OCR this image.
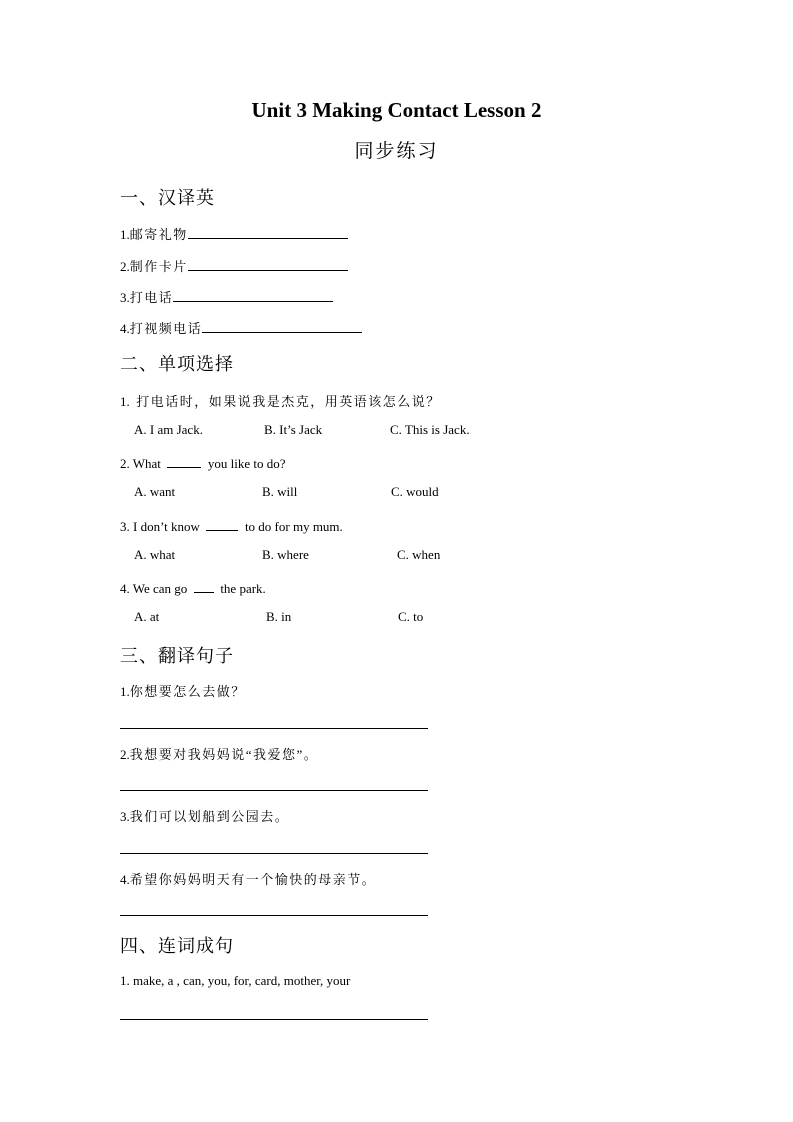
Unit 3 Making Contact Lesson 2
同步练习
一、汉译英
1.邮寄礼物
2.制作卡片
3.打电话
4.打视频电话
二、单项选择
1. 打电话时，如果说我是杰克，用英语该怎么说？
A. I am Jack.	B. It’s Jack	C. This is Jack.
2. What	you like to do?
A. want	B. will	C. would
3. I don’t know	to do for my mum.
A. what	B. where	C. when
4. We can go	the park.
A. at	B. in	C. to
三、翻译句子
1.你想要怎么去做？
2.我想要对我妈妈说“我爱您”。
3.我们可以划船到公园去。
4.希望你妈妈明天有一个愉快的母亲节。
四、连词成句
1. make, a , can, you, for, card, mother, your
